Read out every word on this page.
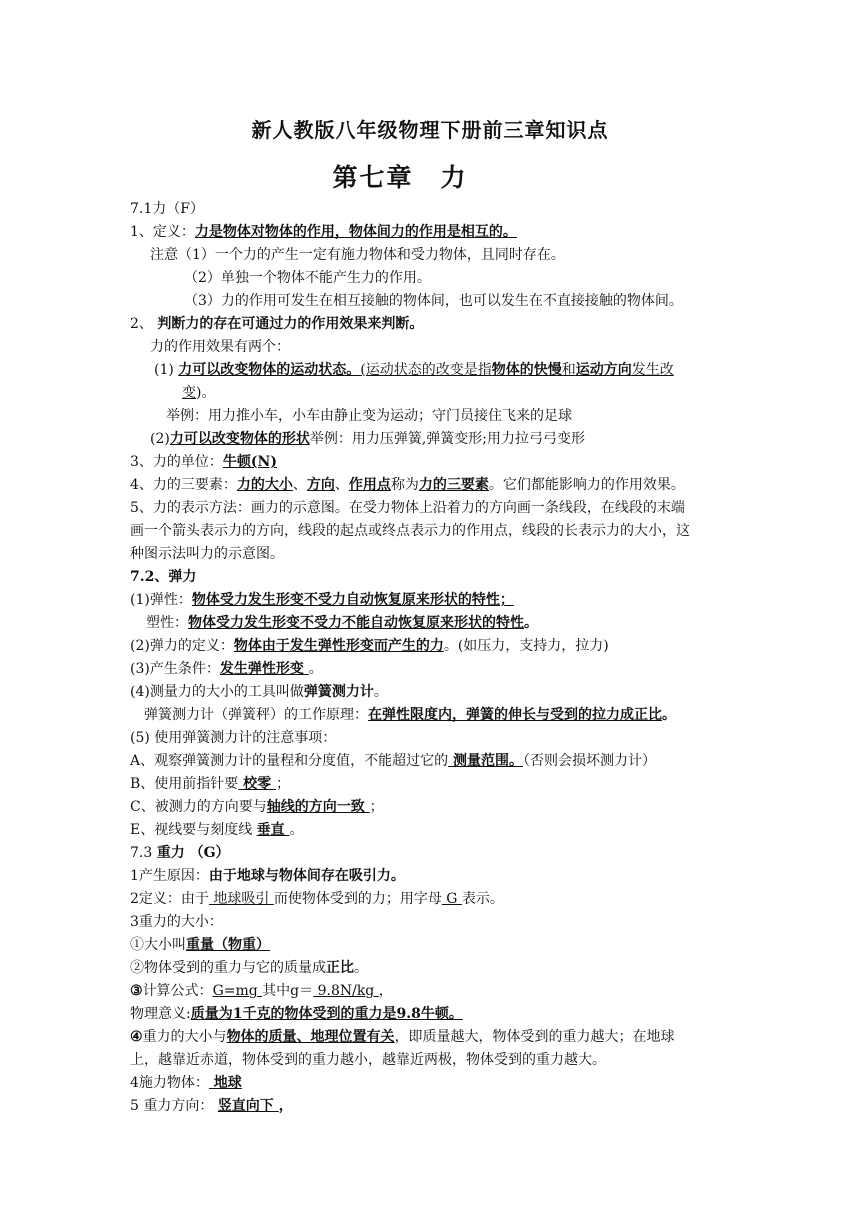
新人教版八年级物理下册前三章知识点
第七章　力
7.1力（F）
1、定义：力是物体对物体的作用，物体间力的作用是相互的。
注意（1）一个力的产生一定有施力物体和受力物体，且同时存在。
（2）单独一个物体不能产生力的作用。
（3）力的作用可发生在相互接触的物体间，也可以发生在不直接接触的物体间。
2、 判断力的存在可通过力的作用效果来判断。
力的作用效果有两个：
(1) 力可以改变物体的运动状态。(运动状态的改变是指物体的快慢和运动方向发生改
变)。
举例：用力推小车，小车由静止变为运动；守门员接住飞来的足球
(2)力可以改变物体的形状举例：用力压弹簧,弹簧变形;用力拉弓弓变形
3、力的单位：牛顿(N)
4、力的三要素：力的大小、方向、作用点称为力的三要素。它们都能影响力的作用效果。
5、力的表示方法：画力的示意图。在受力物体上沿着力的方向画一条线段，在线段的末端
画一个箭头表示力的方向，线段的起点或终点表示力的作用点，线段的长表示力的大小，这
种图示法叫力的示意图。
7.2、弹力
(1)弹性：物体受力发生形变不受力自动恢复原来形状的特性；
塑性：物体受力发生形变不受力不能自动恢复原来形状的特性。
(2)弹力的定义：物体由于发生弹性形变而产生的力。(如压力，支持力，拉力)
(3)产生条件：发生弹性形变 。
(4)测量力的大小的工具叫做弹簧测力计。
弹簧测力计（弹簧秤）的工作原理：在弹性限度内，弹簧的伸长与受到的拉力成正比。
(5) 使用弹簧测力计的注意事项：
A、观察弹簧测力计的量程和分度值，不能超过它的 测量范围。（否则会损坏测力计）
B、使用前指针要 校零 ；
C、被测力的方向要与轴线的方向一致 ；
E、视线要与刻度线 垂直 。
7.3 重力 （G）
1产生原因：由于地球与物体间存在吸引力。
2定义：由于 地球吸引 而使物体受到的力；用字母 G 表示。
3重力的大小：
①大小叫重量（物重）
②物体受到的重力与它的质量成正比。
③计算公式：G=mg 其中g＝ 9.8N/kg ，
物理意义:质量为1千克的物体受到的重力是9.8牛顿。
④重力的大小与物体的质量、地理位置有关，即质量越大，物体受到的重力越大；在地球
上，越靠近赤道，物体受到的重力越小，越靠近两极，物体受到的重力越大。
4施力物体： 地球
5 重力方向： 竖直向下 ，
